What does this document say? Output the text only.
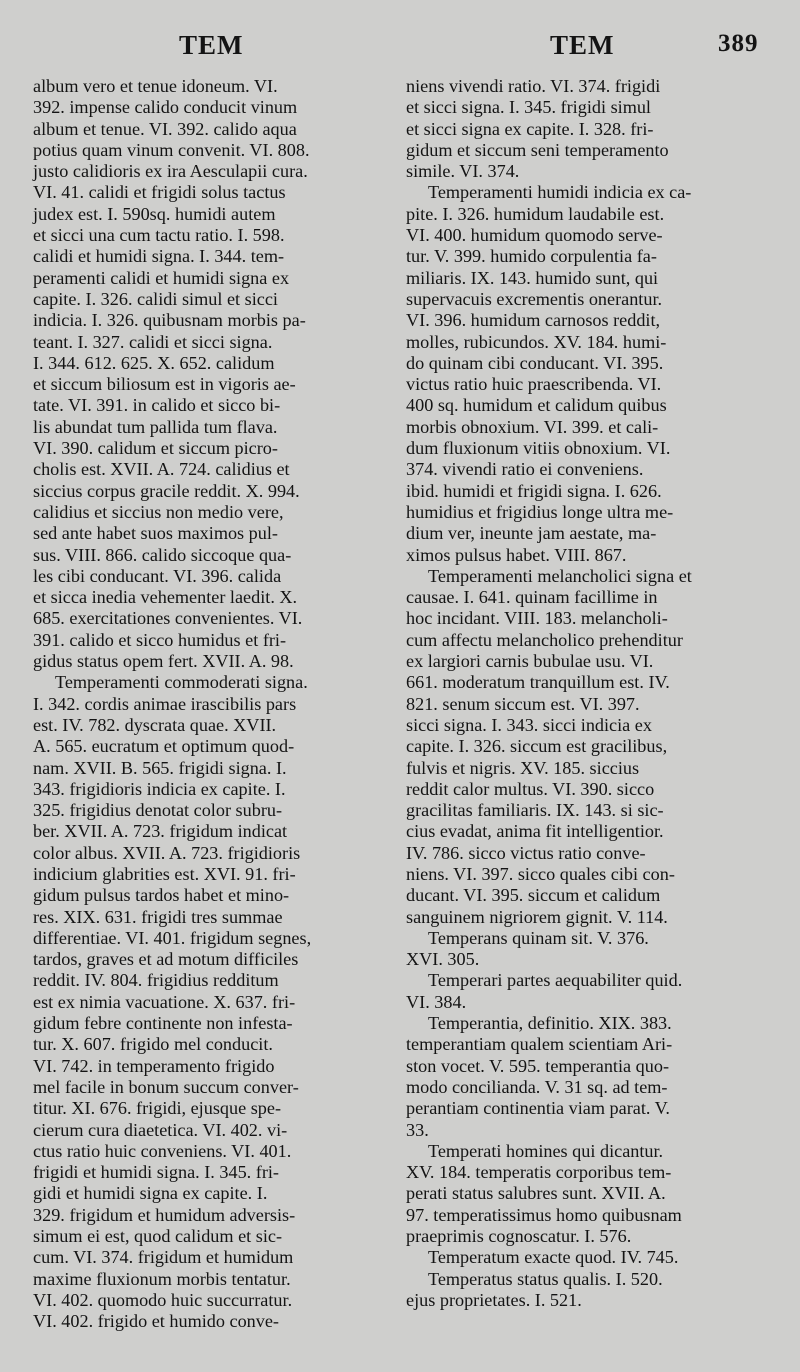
TEM	TEM	389
album vero et tenue idoneum. VI.
392. impense calido conducit vinum
album et tenue. VI. 392. calido aqua
potius quam vinum convenit. VI. 808.
justo calidioris ex ira Aesculapii cura.
VI. 41. calidi et frigidi solus tactus
judex est. I. 590sq. humidi autem
et sicci una cum tactu ratio. I. 598.
calidi et humidi signa. I. 344. tem-
peramenti calidi et humidi signa ex
capite. I. 326. calidi simul et sicci
indicia. I. 326. quibusnam morbis pa-
teant. I. 327. calidi et sicci signa.
I. 344. 612. 625. X. 652. calidum
et siccum biliosum est in vigoris ae-
tate. VI. 391. in calido et sicco bi-
lis abundat tum pallida tum flava.
VI. 390. calidum et siccum picro-
cholis est. XVII. A. 724. calidius et
siccius corpus gracile reddit. X. 994.
calidius et siccius non medio vere,
sed ante habet suos maximos pul-
sus. VIII. 866. calido siccoque qua-
les cibi conducant. VI. 396. calida
et sicca inedia vehementer laedit. X.
685. exercitationes convenientes. VI.
391. calido et sicco humidus et fri-
gidus status opem fert. XVII. A. 98.
Temperamenti commoderati signa.
I. 342. cordis animae irascibilis pars
est. IV. 782. dyscrata quae. XVII.
A. 565. eucratum et optimum quod-
nam. XVII. B. 565. frigidi signa. I.
343. frigidioris indicia ex capite. I.
325. frigidius denotat color subru-
ber. XVII. A. 723. frigidum indicat
color albus. XVII. A. 723. frigidioris
indicium glabrities est. XVI. 91. fri-
gidum pulsus tardos habet et mino-
res. XIX. 631. frigidi tres summae
differentiae. VI. 401. frigidum segnes,
tardos, graves et ad motum difficiles
reddit. IV. 804. frigidius redditum
est ex nimia vacuatione. X. 637. fri-
gidum febre continente non infesta-
tur. X. 607. frigido mel conducit.
VI. 742. in temperamento frigido
mel facile in bonum succum conver-
titur. XI. 676. frigidi, ejusque spe-
cierum cura diaetetica. VI. 402. vi-
ctus ratio huic conveniens. VI. 401.
frigidi et humidi signa. I. 345. fri-
gidi et humidi signa ex capite. I.
329. frigidum et humidum adversis-
simum ei est, quod calidum et sic-
cum. VI. 374. frigidum et humidum
maxime fluxionum morbis tentatur.
VI. 402. quomodo huic succurratur.
VI. 402. frigido et humido conve-
niens vivendi ratio. VI. 374. frigidi
et sicci signa. I. 345. frigidi simul
et sicci signa ex capite. I. 328. fri-
gidum et siccum seni temperamento
simile. VI. 374.
Temperamenti humidi indicia ex ca-
pite. I. 326. humidum laudabile est.
VI. 400. humidum quomodo serve-
tur. V. 399. humido corpulentia fa-
miliaris. IX. 143. humido sunt, qui
supervacuis excrementis onerantur.
VI. 396. humidum carnosos reddit,
molles, rubicundos. XV. 184. humi-
do quinam cibi conducant. VI. 395.
victus ratio huic praescribenda. VI.
400 sq. humidum et calidum quibus
morbis obnoxium. VI. 399. et cali-
dum fluxionum vitiis obnoxium. VI.
374. vivendi ratio ei conveniens.
ibid. humidi et frigidi signa. I. 626.
humidius et frigidius longe ultra me-
dium ver, ineunte jam aestate, ma-
ximos pulsus habet. VIII. 867.
Temperamenti melancholici signa et
causae. I. 641. quinam facillime in
hoc incidant. VIII. 183. melancholi-
cum affectu melancholico prehenditur
ex largiori carnis bubulae usu. VI.
661. moderatum tranquillum est. IV.
821. senum siccum est. VI. 397.
sicci signa. I. 343. sicci indicia ex
capite. I. 326. siccum est gracilibus,
fulvis et nigris. XV. 185. siccius
reddit calor multus. VI. 390. sicco
gracilitas familiaris. IX. 143. si sic-
cius evadat, anima fit intelligentior.
IV. 786. sicco victus ratio conve-
niens. VI. 397. sicco quales cibi con-
ducant. VI. 395. siccum et calidum
sanguinem nigriorem gignit. V. 114.
Temperans quinam sit. V. 376.
XVI. 305.
Temperari partes aequabiliter quid.
VI. 384.
Temperantia, definitio. XIX. 383.
temperantiam qualem scientiam Ari-
ston vocet. V. 595. temperantia quo-
modo concilianda. V. 31 sq. ad tem-
perantiam continentia viam parat. V.
33.
Temperati homines qui dicantur.
XV. 184. temperatis corporibus tem-
perati status salubres sunt. XVII. A.
97. temperatissimus homo quibusnam
praeprimis cognoscatur. I. 576.
Temperatum exacte quod. IV. 745.
Temperatus status qualis. I. 520.
ejus proprietates. I. 521.
